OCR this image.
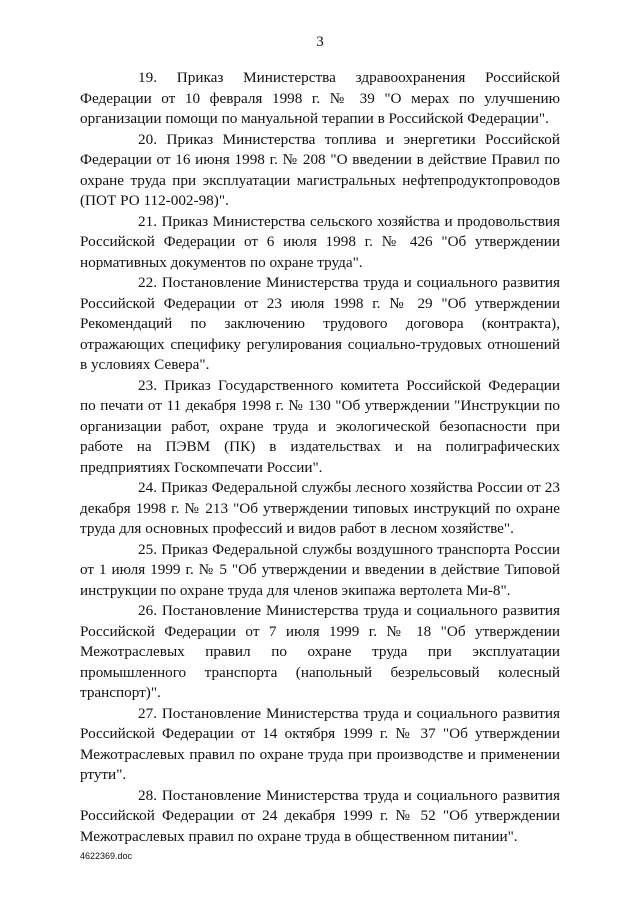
3

19. Приказ Министерства здравоохранения Российской Федерации от 10 февраля 1998 г. № 39 "О мерах по улучшению организации помощи по мануальной терапии в Российской Федерации".

20. Приказ Министерства топлива и энергетики Российской Федерации от 16 июня 1998 г. № 208 "О введении в действие Правил по охране труда при эксплуатации магистральных нефтепродуктопроводов (ПОТ РО 112-002-98)".

21. Приказ Министерства сельского хозяйства и продовольствия Российской Федерации от 6 июля 1998 г. № 426 "Об утверждении нормативных документов по охране труда".

22. Постановление Министерства труда и социального развития Российской Федерации от 23 июля 1998 г. № 29 "Об утверждении Рекомендаций по заключению трудового договора (контракта), отражающих специфику регулирования социально-трудовых отношений в условиях Севера".

23. Приказ Государственного комитета Российской Федерации по печати от 11 декабря 1998 г. № 130 "Об утверждении "Инструкции по организации работ, охране труда и экологической безопасности при работе на ПЭВМ (ПК) в издательствах и на полиграфических предприятиях Госкомпечати России".

24. Приказ Федеральной службы лесного хозяйства России от 23 декабря 1998 г. № 213 "Об утверждении типовых инструкций по охране труда для основных профессий и видов работ в лесном хозяйстве".

25. Приказ Федеральной службы воздушного транспорта России от 1 июля 1999 г. № 5 "Об утверждении и введении в действие Типовой инструкции по охране труда для членов экипажа вертолета Ми-8".

26. Постановление Министерства труда и социального развития Российской Федерации от 7 июля 1999 г. № 18 "Об утверждении Межотраслевых правил по охране труда при эксплуатации промышленного транспорта (напольный безрельсовый колесный транспорт)".

27. Постановление Министерства труда и социального развития Российской Федерации от 14 октября 1999 г. № 37 "Об утверждении Межотраслевых правил по охране труда при производстве и применении ртути".

28. Постановление Министерства труда и социального развития Российской Федерации от 24 декабря 1999 г. № 52 "Об утверждении Межотраслевых правил по охране труда в общественном питании".

4622369.doc
